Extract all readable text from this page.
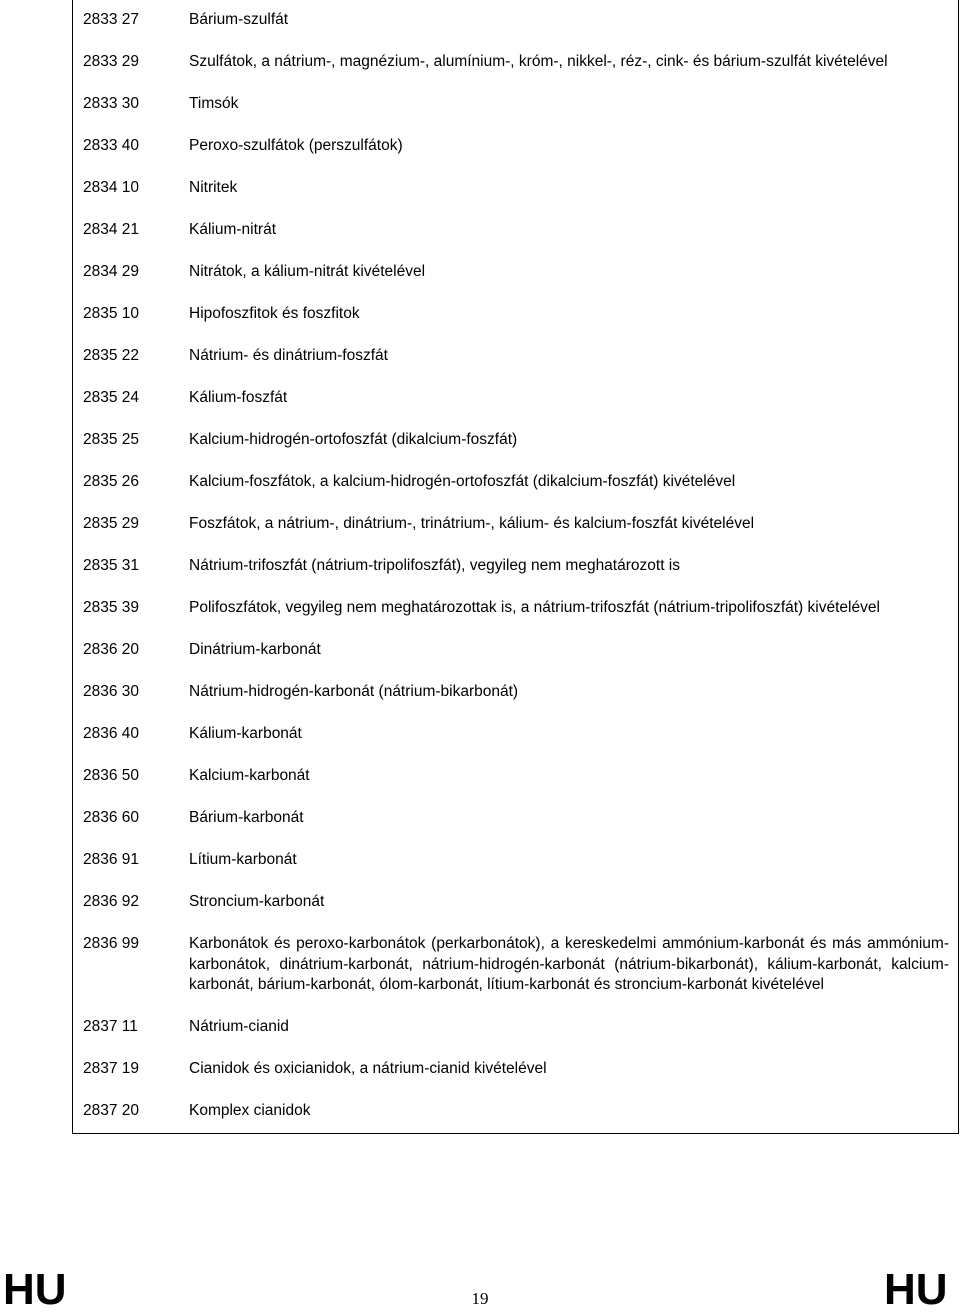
2833 27	Bárium-szulfát
2833 29	Szulfátok, a nátrium-, magnézium-, alumínium-, króm-, nikkel-, réz-, cink- és bárium-szulfát kivételével
2833 30	Timsók
2833 40	Peroxo-szulfátok (perszulfátok)
2834 10	Nitritek
2834 21	Kálium-nitrát
2834 29	Nitrátok, a kálium-nitrát kivételével
2835 10	Hipofoszfitok és foszfitok
2835 22	Nátrium- és dinátrium-foszfát
2835 24	Kálium-foszfát
2835 25	Kalcium-hidrogén-ortofoszfát (dikalcium-foszfát)
2835 26	Kalcium-foszfátok, a kalcium-hidrogén-ortofoszfát (dikalcium-foszfát) kivételével
2835 29	Foszfátok, a nátrium-, dinátrium-, trinátrium-, kálium- és kalcium-foszfát kivételével
2835 31	Nátrium-trifoszfát (nátrium-tripolifoszfát), vegyileg nem meghatározott is
2835 39	Polifoszfátok, vegyileg nem meghatározottak is, a nátrium-trifoszfát (nátrium-tripolifoszfát) kivételével
2836 20	Dinátrium-karbonát
2836 30	Nátrium-hidrogén-karbonát (nátrium-bikarbonát)
2836 40	Kálium-karbonát
2836 50	Kalcium-karbonát
2836 60	Bárium-karbonát
2836 91	Lítium-karbonát
2836 92	Stroncium-karbonát
2836 99	Karbonátok és peroxo-karbonátok (perkarbonátok), a kereskedelmi ammónium-karbonát és más ammónium-karbonátok, dinátrium-karbonát, nátrium-hidrogén-karbonát (nátrium-bikarbonát), kálium-karbonát, kalcium-karbonát, bárium-karbonát, ólom-karbonát, lítium-karbonát és stroncium-karbonát kivételével
2837 11	Nátrium-cianid
2837 19	Cianidok és oxicianidok, a nátrium-cianid kivételével
2837 20	Komplex cianidok
HU	19	HU
